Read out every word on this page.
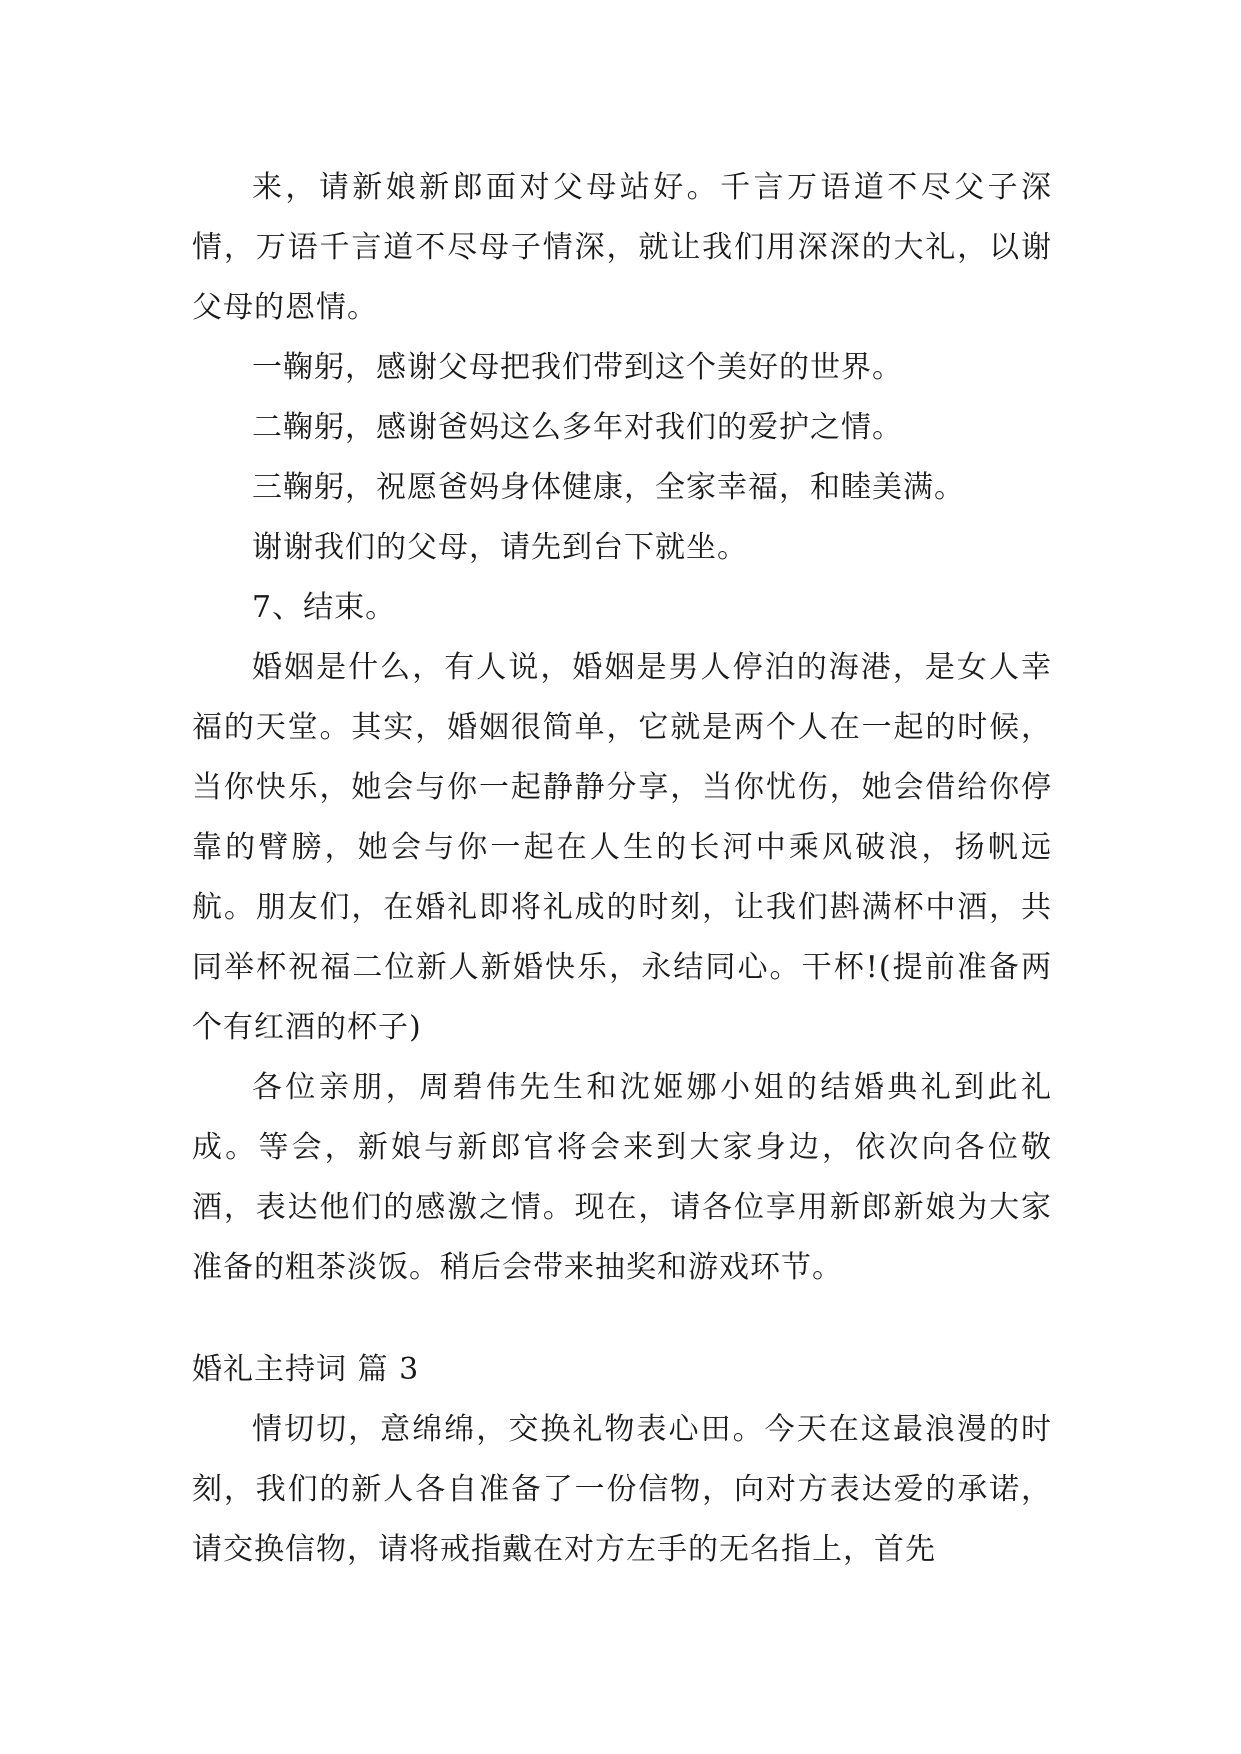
来，请新娘新郎面对父母站好。千言万语道不尽父子深情，万语千言道不尽母子情深，就让我们用深深的大礼，以谢父母的恩情。

一鞠躬，感谢父母把我们带到这个美好的世界。

二鞠躬，感谢爸妈这么多年对我们的爱护之情。

三鞠躬，祝愿爸妈身体健康，全家幸福，和睦美满。

谢谢我们的父母，请先到台下就坐。

7、结束。

婚姻是什么，有人说，婚姻是男人停泊的海港，是女人幸福的天堂。其实，婚姻很简单，它就是两个人在一起的时候，当你快乐，她会与你一起静静分享，当你忧伤，她会借给你停靠的臂膀，她会与你一起在人生的长河中乘风破浪，扬帆远航。朋友们，在婚礼即将礼成的时刻，让我们斟满杯中酒，共同举杯祝福二位新人新婚快乐，永结同心。干杯!(提前准备两个有红酒的杯子)

各位亲朋，周碧伟先生和沈姬娜小姐的结婚典礼到此礼成。等会，新娘与新郎官将会来到大家身边，依次向各位敬酒，表达他们的感激之情。现在，请各位享用新郎新娘为大家准备的粗茶淡饭。稍后会带来抽奖和游戏环节。

婚礼主持词 篇 3

情切切，意绵绵，交换礼物表心田。今天在这最浪漫的时刻，我们的新人各自准备了一份信物，向对方表达爱的承诺，请交换信物，请将戒指戴在对方左手的无名指上，首先
